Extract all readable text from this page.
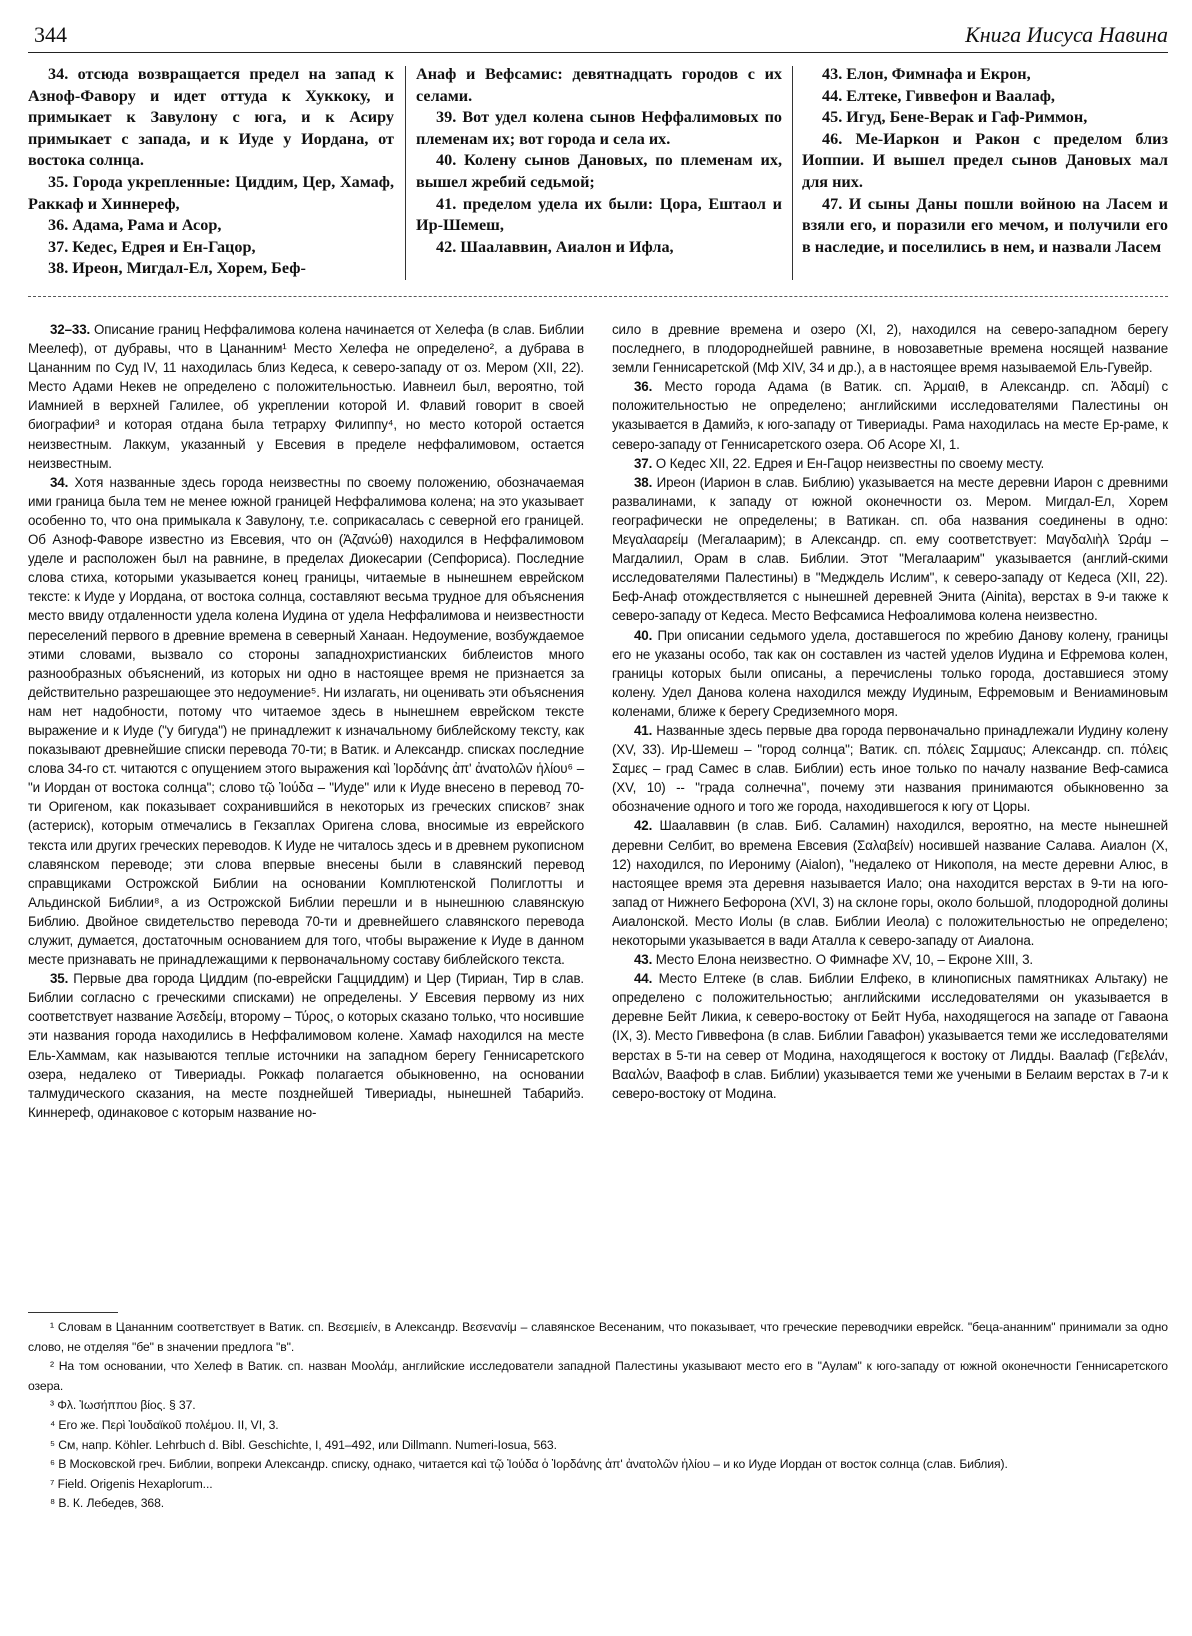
344	Книга Иисуса Навина

34. отсюда возвращается предел на запад к Азноф-Фавору и идет оттуда к Хуккоку, и примыкает к Завулону с юга, и к Асиру примыкает с запада, и к Иуде у Иордана, от востока солнца.

35. Города укрепленные: Циддим, Цер, Хамаф, Раккаф и Хиннереф,

36. Адама, Рама и Асор,

37. Кедес, Едрея и Ен-Гацор,

38. Иреон, Мигдал-Ел, Хорем, Беф-

Анаф и Вефсамис: девятнадцать городов с их селами.

39. Вот удел колена сынов Неффалимовых по племенам их; вот города и села их.

40. Колену сынов Дановых, по племенам их, вышел жребий седьмой;

41. пределом удела их были: Цора, Ештаол и Ир-Шемеш,

42. Шаалаввин, Аиалон и Ифла,

43. Елон, Фимнафа и Екрон,

44. Елтеке, Гиввефон и Ваалаф,

45. Игуд, Бене-Верак и Гаф-Риммон,

46. Ме-Иаркон и Ракон с пределом близ Иоппии. И вышел предел сынов Дановых мал для них.

47. И сыны Даны пошли войною на Ласем и взяли его, и поразили его мечом, и получили его в наследие, и поселились в нем, и назвали Ласем

32–33. Описание границ Неффалимова колена начинается от Хелефа (в слав. Библии Меелеф), от дубравы, что в Цананним¹ Место Хелефа не определено², а дубрава в Цананним по Суд IV, 11 находилась близ Кедеса, к северо-западу от оз. Мером (XII, 22). Место Адами Некев не определено с положительностью. Иавнеил был, вероятно, той Иамнией в верхней Галилее, об укреплении которой И. Флавий говорит в своей биографии³ и которая отдана была тетрарху Филиппу⁴, но место которой остается неизвестным. Лаккум, указанный у Евсевия в пределе неффалимовом, остается неизвестным.

34. Хотя названные здесь города неизвестны по своему положению, обозначаемая ими граница была тем не менее южной границей Неффалимова колена; на это указывает особенно то, что она примыкала к Завулону, т.е. соприкасалась с северной его границей. Об Азноф-Фаворе известно из Евсевия, что он (Ἀζανώθ) находился в Неффалимовом уделе и расположен был на равнине, в пределах Диокесарии (Сепфориса). Последние слова стиха, которыми указывается конец границы, читаемые в нынешнем еврейском тексте: к Иуде у Иордана, от востока солнца, составляют весьма трудное для объяснения место ввиду отдаленности удела колена Иудина от удела Неффалимова и неизвестности переселений первого в древние времена в северный Ханаан. Недоумение, возбуждаемое этими словами, вызвало со стороны западнохристианских библеистов много разнообразных объяснений, из которых ни одно в настоящее время не признается за действительно разрешающее это недоумение⁵. Ни излагать, ни оценивать эти объяснения нам нет надобности, потому что читаемое здесь в нынешнем еврейском тексте выражение и к Иуде ("у бигуда") не принадлежит к изначальному библейскому тексту, как показывают древнейшие списки перевода 70-ти; в Ватик. и Александр. списках последние слова 34-го ст. читаются с опущением этого выражения καὶ Ἰορδάνης ἀπ' ἀνατολῶν ἡλίου⁶ – "и Иордан от востока солнца"; слово τῷ Ἰούδα – "Иуде" или к Иуде внесено в перевод 70-ти Оригеном, как показывает сохранившийся в некоторых из греческих списков⁷ знак (астериск), которым отмечались в Гекзаплах Оригена слова, вносимые из еврейского текста или других греческих переводов. К Иуде не читалось здесь и в древнем рукописном славянском переводе; эти слова впервые внесены были в славянский перевод справщиками Острожской Библии на основании Комплютенской Полиглотты и Альдинской Библии⁸, а из Острожской Библии перешли и в нынешнюю славянскую Библию. Двойное свидетельство перевода 70-ти и древнейшего славянского перевода служит, думается, достаточным основанием для того, чтобы выражение к Иуде в данном месте признавать не принадлежащими к первоначальному составу библейского текста.

35. Первые два города Циддим (по-еврейски Гацциддим) и Цер (Тириан, Тир в слав. Библии согласно с греческими списками) не определены. У Евсевия первому из них соответствует название Ἀσεδείμ, второму – Τύρος, о которых сказано только, что носившие эти названия города находились в Неффалимовом колене. Хамаф находился на месте Ель-Хаммам, как называются теплые источники на западном берегу Геннисаретского озера, недалеко от Тивериады. Роккаф полагается обыкновенно, на основании талмудического сказания, на месте позднейшей Тивериады, нынешней Табарийэ. Киннереф, одинаковое с которым название но-

сило в древние времена и озеро (XI, 2), находился на северо-западном берегу последнего, в плодороднейшей равнине, в новозаветные времена носящей название земли Геннисаретской (Мф XIV, 34 и др.), а в настоящее время называемой Ель-Гувейр.

36. Место города Адама (в Ватик. сп. Ἀρμαιθ, в Александр. сп. Ἀδαμί) с положительностью не определено; английскими исследователями Палестины он указывается в Дамийэ, к юго-западу от Тивериады. Рама находилась на месте Ер-раме, к северо-западу от Геннисаретского озера. Об Асоре XI, 1.

37. О Кедес XII, 22. Едрея и Ен-Гацор неизвестны по своему месту.

38. Ирeон (Иарион в слав. Библию) указывается на месте деревни Иарон с древними развалинами, к западу от южной оконечности оз. Мером. Мигдал-Ел, Хорем географически не определены; в Ватикан. сп. оба названия соединены в одно: Μεγαλααρείμ (Мегалаарим); в Александр. сп. ему соответствует: Μαγδαλιὴλ Ὡράμ – Магдалиил, Орам в слав. Библии. Этот "Мегалаарим" указывается (англий-скими исследователями Палестины) в "Медждель Ислим", к северо-западу от Кедеса (XII, 22). Беф-Анаф отождествляется с нынешней деревней Энита (Ainita), верстах в 9-и также к северо-западу от Кедеса. Место Вефсамиса Нефоалимова колена неизвестно.

40. При описании седьмого удела, доставшегося по жребию Данову колену, границы его не указаны особо, так как он составлен из частей уделов Иудина и Ефремова колен, границы которых были описаны, а перечислены только города, доставшиеся этому колену. Удел Данова колена находился между Иудиным, Ефремовым и Вениаминовым коленами, ближе к берегу Средиземного моря.

41. Названные здесь первые два города первоначально принадлежали Иудину колену (XV, 33). Ир-Шемеш – "город солнца"; Ватик. сп. πόλεις Σαμμαυς; Александр. сп. πόλεις Σαμες – град Самес в слав. Библии) есть иное только по началу название Веф-самиса (XV, 10) -- "града солнечна", почему эти названия принимаются обыкновенно за обозначение одного и того же города, находившегося к югу от Цоры.

42. Шаалаввин (в слав. Биб. Саламин) находился, вероятно, на месте нынешней деревни Селбит, во времена Евсевия (Σαλαβείν) носившей название Салава. Аиалон (X, 12) находился, по Иерониму (Aialon), "недалеко от Никополя, на месте деревни Алюс, в настоящее время эта деревня называется Иало; она находится верстах в 9-ти на юго-запад от Нижнего Бефорона (XVI, 3) на склоне горы, около большой, плодородной долины Аиалонской. Место Иолы (в слав. Библии Иеола) с положительностью не определено; некоторыми указывается в вади Аталла к северо-западу от Аиалона.

43. Место Елона неизвестно. О Фимнафе XV, 10, – Екроне XIII, 3.

44. Место Елтеке (в слав. Библии Елфеко, в клинописных памятниках Альтаку) не определено с положительностью; английскими исследователями он указывается в деревне Бейт Ликиа, к северо-востоку от Бейт Нуба, находящегося на западе от Гаваона (IX, 3). Место Гиввефона (в слав. Библии Гавафон) указывается теми же исследователями верстах в 5-ти на север от Модина, находящегося к востоку от Лидды. Ваалаф (Γεβελάν, Βααλών, Ваафоф в слав. Библии) указывается теми же учеными в Белаим верстах в 7-и к северо-востоку от Модина.

¹ Словам в Цананним соответствует в Ватик. сп. Βεσεμιείν, в Александр. Βεσενανίμ – славянское Весенаним, что показывает, что греческие переводчики еврейск. "беца-ананним" принимали за одно слово, не отделяя "бе" в значении предлога "в".

² На том основании, что Хелеф в Ватик. сп. назван Μοολάμ, английские исследователи западной Палестины указывают место его в "Аулам" к юго-западу от южной оконечности Геннисаретского озера.

³ Φλ. Ἰωσήππου βίος. § 37.

⁴ Его же. Περὶ Ἰουδαϊκοῦ πολέμου. II, VI, 3.

⁵ См, напр. Köhler. Lehrbuch d. Bibl. Geschichte, I, 491–492, или Dillmann. Numeri-Iosua, 563.

⁶ В Московской греч. Библии, вопреки Александр. списку, однако, читается καὶ τῷ Ἰούδα ὁ Ἰορδάνης ἀπ' ἀνατολῶν ἡλίου – и ко Иуде Иордан от восток солнца (слав. Библия).

⁷ Field. Origenis Hexaplorum...

⁸ В. К. Лебедев, 368.
